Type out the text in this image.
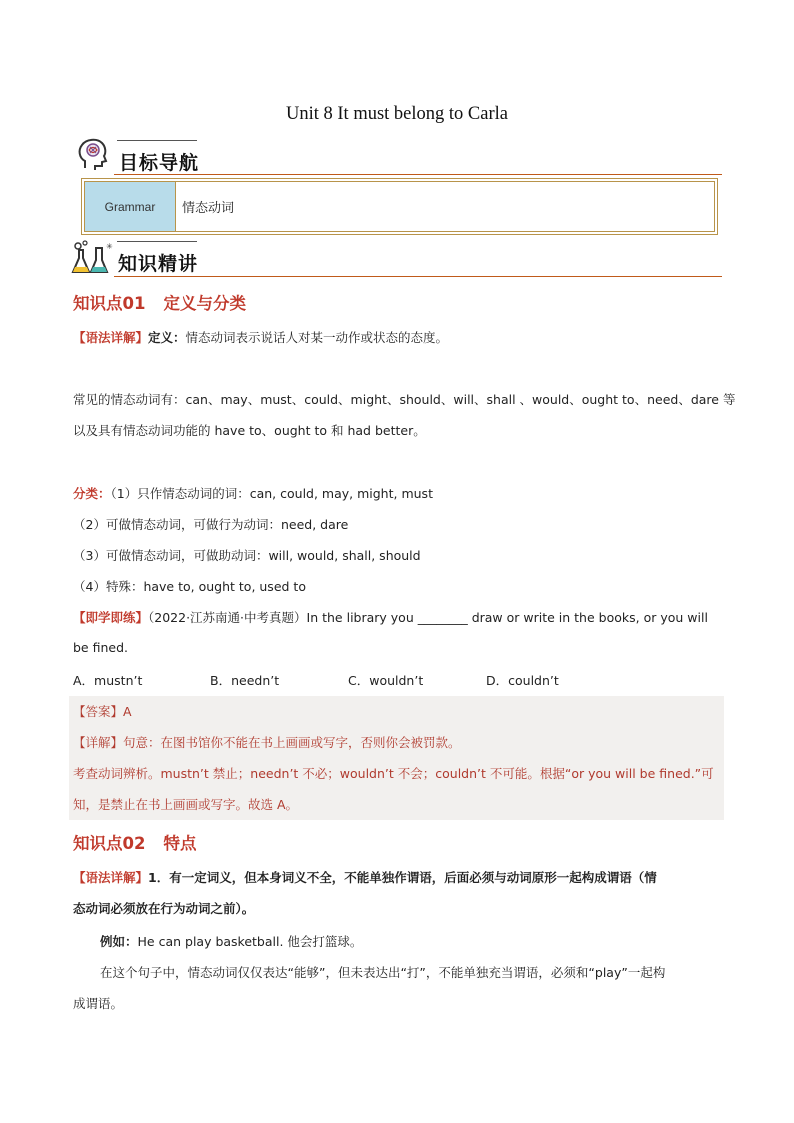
Unit 8 It must belong to Carla
目标导航
Grammar	情态动词
✳
知识精讲
知识点01 定义与分类
【语法详解】定义：情态动词表示说话人对某一动作或状态的态度。
常见的情态动词有：can、may、must、could、might、should、will、shall 、would、ought to、need、dare 等
以及具有情态动词功能的 have to、ought to 和 had better。
分类：（1）只作情态动词的词：can, could, may, might, must
（2）可做情态动词，可做行为动词：need, dare
（3）可做情态动词，可做助动词：will, would, shall, should
（4）特殊：have to, ought to, used to
【即学即练】（2022·江苏南通·中考真题）In the library you ________ draw or write in the books, or you will
be fined.
A．mustn’t	B．needn’t	C．wouldn’t	D．couldn’t
【答案】A
【详解】句意：在图书馆你不能在书上画画或写字，否则你会被罚款。
考查动词辨析。mustn’t 禁止；needn’t 不必；wouldn’t 不会；couldn’t 不可能。根据“or you will be fined.”可
知，是禁止在书上画画或写字。故选 A。
知识点02 特点
【语法详解】1．有一定词义，但本身词义不全，不能单独作谓语，后面必须与动词原形一起构成谓语（情
态动词必须放在行为动词之前）。
例如：He can play basketball. 他会打篮球。
在这个句子中，情态动词仅仅表达“能够”，但未表达出“打”，不能单独充当谓语，必须和“play”一起构
成谓语。
